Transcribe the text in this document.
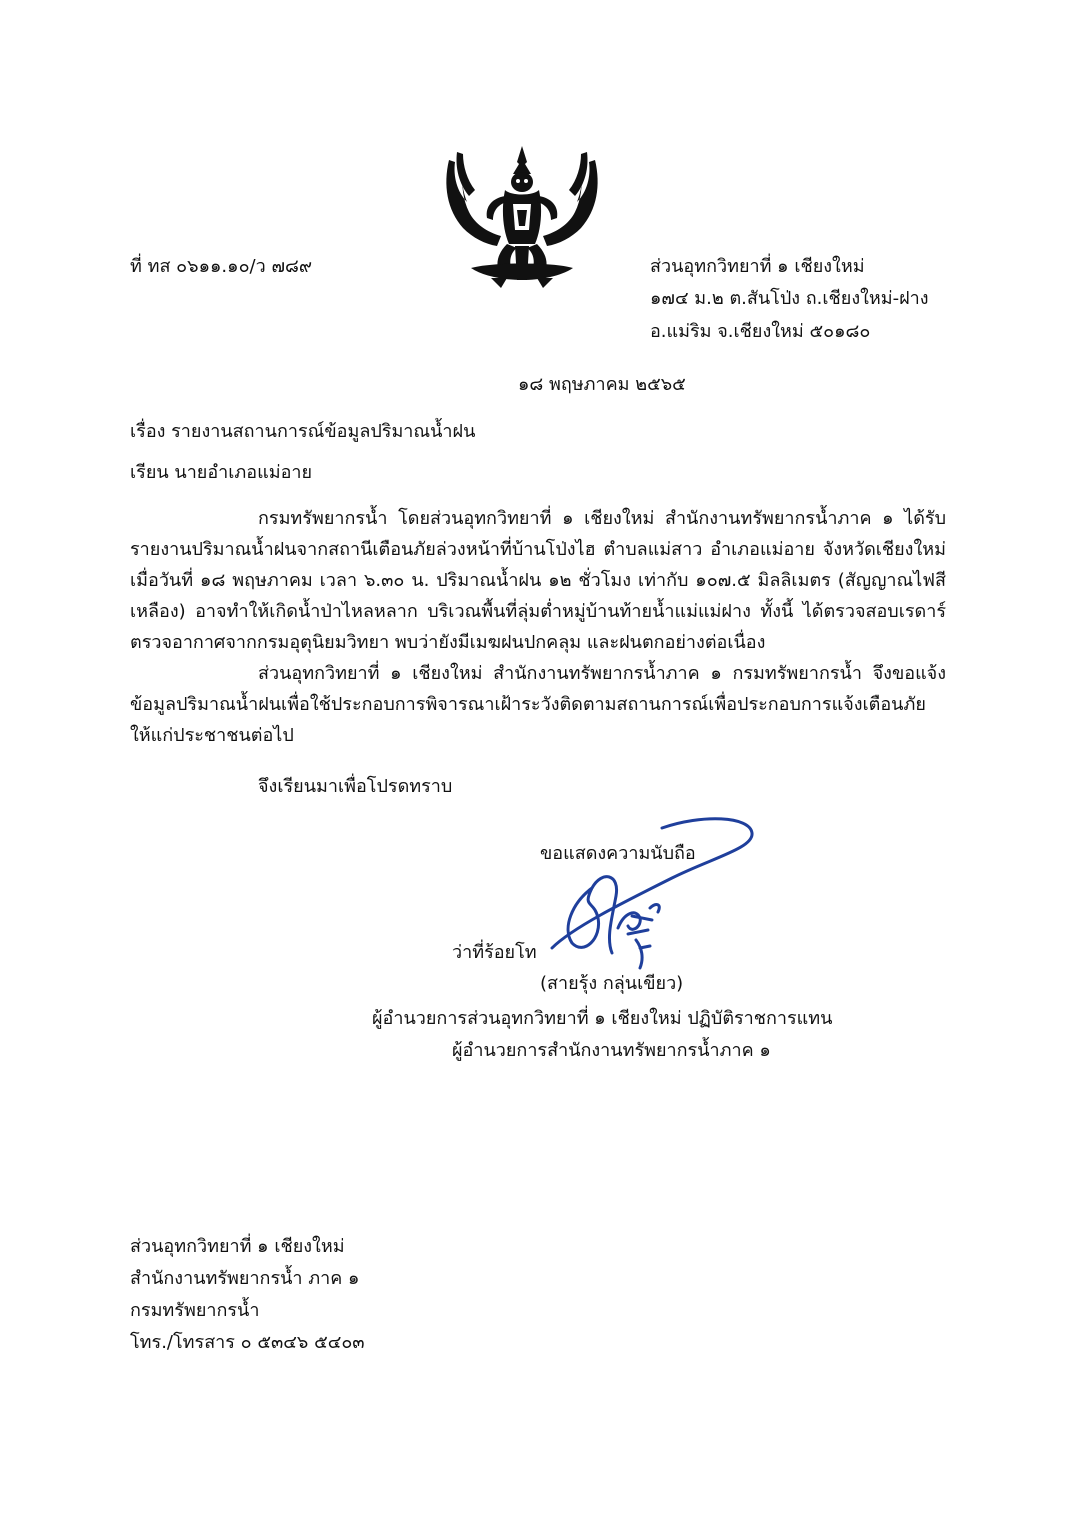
ที่ ทส ๐๖๑๑.๑๐/ว ๗๘๙	ส่วนอุทกวิทยาที่ ๑ เชียงใหม่
๑๗๔ ม.๒ ต.สันโป่ง ถ.เชียงใหม่-ฝาง
อ.แม่ริม จ.เชียงใหม่ ๕๐๑๘๐
๑๘ พฤษภาคม ๒๕๖๕
เรื่อง รายงานสถานการณ์ข้อมูลปริมาณน้ำฝน
เรียน นายอำเภอแม่อาย

กรมทรัพยากรน้ำ โดยส่วนอุทกวิทยาที่ ๑ เชียงใหม่ สำนักงานทรัพยากรน้ำภาค ๑ ได้รับรายงานปริมาณน้ำฝนจากสถานีเตือนภัยล่วงหน้าที่บ้านโป่งไฮ ตำบลแม่สาว อำเภอแม่อาย จังหวัดเชียงใหม่ เมื่อวันที่ ๑๘ พฤษภาคม เวลา ๖.๓๐ น. ปริมาณน้ำฝน ๑๒ ชั่วโมง เท่ากับ ๑๐๗.๕ มิลลิเมตร (สัญญาณไฟสีเหลือง) อาจทำให้เกิดน้ำป่าไหลหลาก บริเวณพื้นที่ลุ่มต่ำหมู่บ้านท้ายน้ำแม่แม่ฝาง ทั้งนี้ ได้ตรวจสอบเรดาร์ตรวจอากาศจากกรมอุตุนิยมวิทยา พบว่ายังมีเมฆฝนปกคลุม และฝนตกอย่างต่อเนื่อง

ส่วนอุทกวิทยาที่ ๑ เชียงใหม่ สำนักงานทรัพยากรน้ำภาค ๑ กรมทรัพยากรน้ำ จึงขอแจ้งข้อมูลปริมาณน้ำฝนเพื่อใช้ประกอบการพิจารณาเฝ้าระวังติดตามสถานการณ์เพื่อประกอบการแจ้งเตือนภัยให้แก่ประชาชนต่อไป

จึงเรียนมาเพื่อโปรดทราบ
ขอแสดงความนับถือ
ว่าที่ร้อยโท
(สายรุ้ง กลุ่นเขียว)
ผู้อำนวยการส่วนอุทกวิทยาที่ ๑ เชียงใหม่ ปฏิบัติราชการแทน
ผู้อำนวยการสำนักงานทรัพยากรน้ำภาค ๑
ส่วนอุทกวิทยาที่ ๑ เชียงใหม่
สำนักงานทรัพยากรน้ำ ภาค ๑
กรมทรัพยากรน้ำ
โทร./โทรสาร ๐ ๕๓๔๖ ๕๔๐๓
